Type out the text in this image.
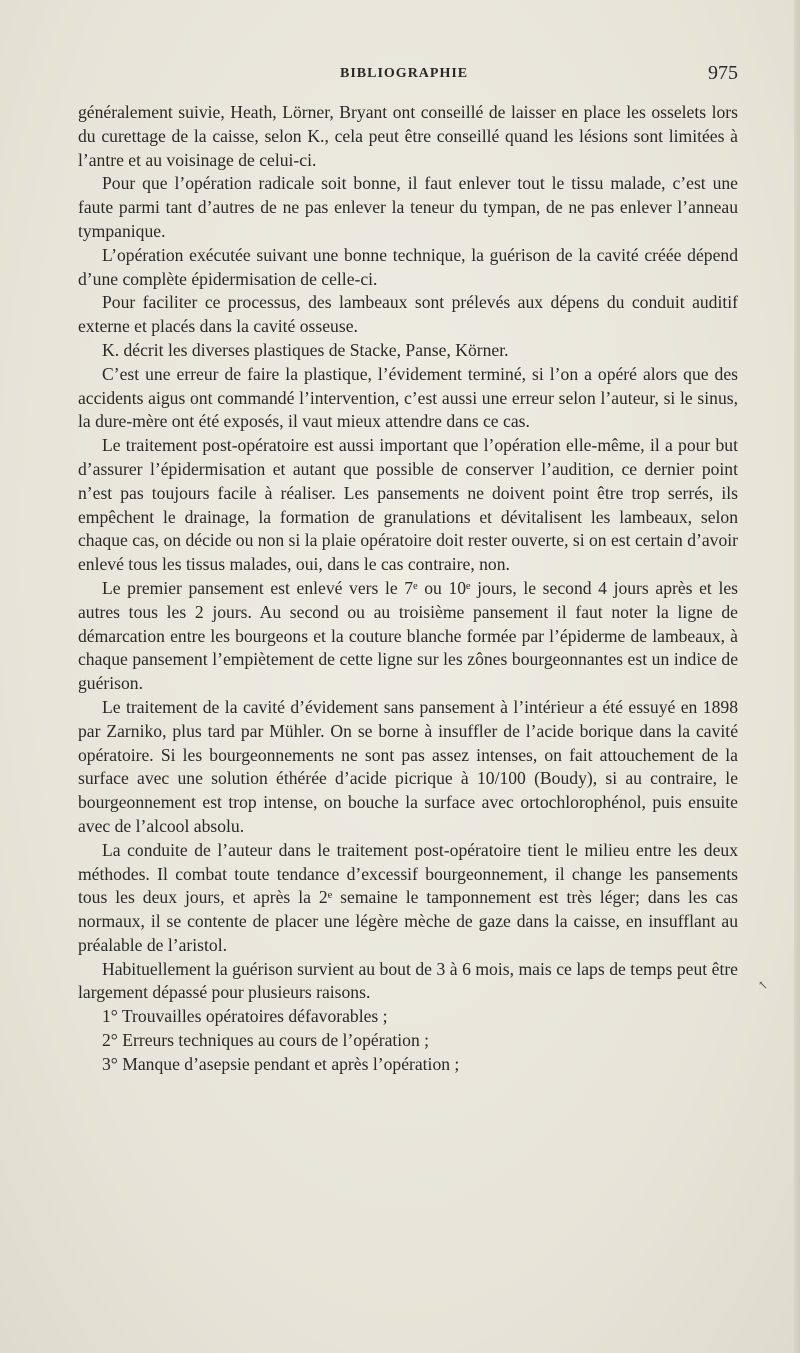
BIBLIOGRAPHIE	975

généralement suivie, Heath, Lörner, Bryant ont conseillé de laisser en place les osselets lors du curettage de la caisse, selon K., cela peut être conseillé quand les lésions sont limitées à l’antre et au voisinage de celui-ci.

Pour que l’opération radicale soit bonne, il faut enlever tout le tissu malade, c’est une faute parmi tant d’autres de ne pas enlever la teneur du tympan, de ne pas enlever l’anneau tympanique.

L’opération exécutée suivant une bonne technique, la guérison de la cavité créée dépend d’une complète épidermisation de celle-ci.

Pour faciliter ce processus, des lambeaux sont prélevés aux dépens du conduit auditif externe et placés dans la cavité osseuse.

K. décrit les diverses plastiques de Stacke, Panse, Körner.

C’est une erreur de faire la plastique, l’évidement terminé, si l’on a opéré alors que des accidents aigus ont commandé l’intervention, c’est aussi une erreur selon l’auteur, si le sinus, la dure-mère ont été exposés, il vaut mieux attendre dans ce cas.

Le traitement post-opératoire est aussi important que l’opération elle-même, il a pour but d’assurer l’épidermisation et autant que possible de conserver l’audition, ce dernier point n’est pas toujours facile à réaliser. Les pansements ne doivent point être trop serrés, ils empêchent le drainage, la formation de granulations et dévitalisent les lambeaux, selon chaque cas, on décide ou non si la plaie opératoire doit rester ouverte, si on est certain d’avoir enlevé tous les tissus malades, oui, dans le cas contraire, non.

Le premier pansement est enlevé vers le 7ᵉ ou 10ᵉ jours, le second 4 jours après et les autres tous les 2 jours. Au second ou au troisième pansement il faut noter la ligne de démarcation entre les bourgeons et la couture blanche formée par l’épiderme de lambeaux, à chaque pansement l’empiètement de cette ligne sur les zônes bourgeonnantes est un indice de guérison.

Le traitement de la cavité d’évidement sans pansement à l’intérieur a été essuyé en 1898 par Zarniko, plus tard par Mühler. On se borne à insuffler de l’acide borique dans la cavité opératoire. Si les bourgeonnements ne sont pas assez intenses, on fait attouchement de la surface avec une solution éthérée d’acide picrique à 10/100 (Boudy), si au contraire, le bourgeonnement est trop intense, on bouche la surface avec ortochlorophénol, puis ensuite avec de l’alcool absolu.

La conduite de l’auteur dans le traitement post-opératoire tient le milieu entre les deux méthodes. Il combat toute tendance d’excessif bourgeonnement, il change les pansements tous les deux jours, et après la 2ᵉ semaine le tamponnement est très léger; dans les cas normaux, il se contente de placer une légère mèche de gaze dans la caisse, en insufflant au préalable de l’aristol.

Habituellement la guérison survient au bout de 3 à 6 mois, mais ce laps de temps peut être largement dépassé pour plusieurs raisons.

1° Trouvailles opératoires défavorables ;

2° Erreurs techniques au cours de l’opération ;

3° Manque d’asepsie pendant et après l’opération ;

↖
